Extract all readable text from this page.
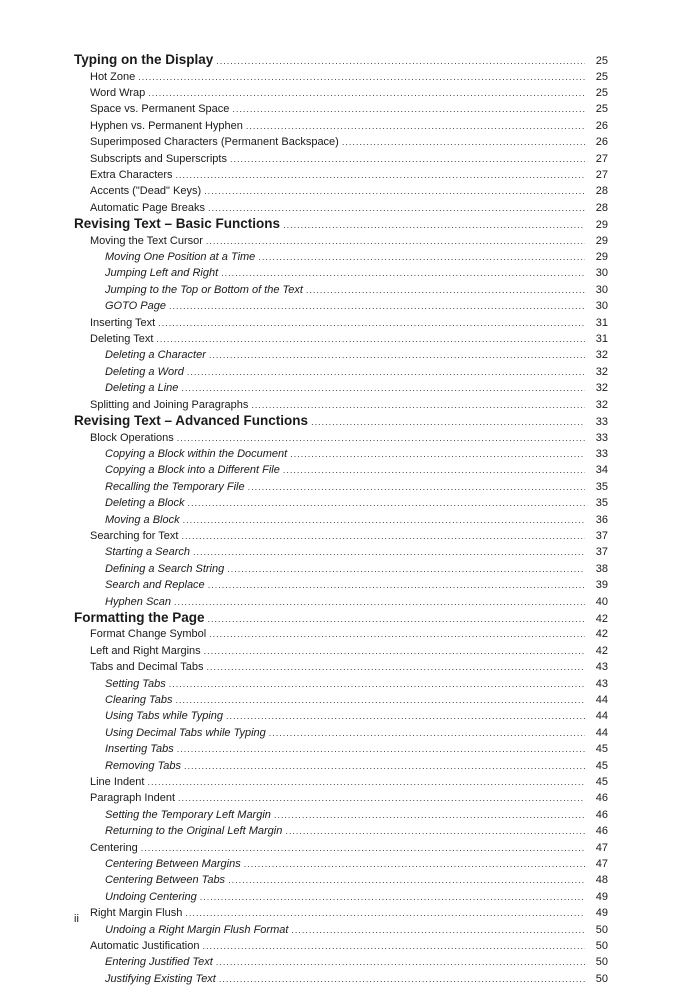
Typing on the Display .....	25
Hot Zone .....	25
Word Wrap .....	25
Space vs. Permanent Space .....	25
Hyphen vs. Permanent Hyphen .....	26
Superimposed Characters (Permanent Backspace) .....	26
Subscripts and Superscripts .....	27
Extra Characters .....	27
Accents ("Dead" Keys) .....	28
Automatic Page Breaks .....	28
Revising Text – Basic Functions .....	29
Moving the Text Cursor .....	29
Moving One Position at a Time .....	29
Jumping Left and Right .....	30
Jumping to the Top or Bottom of the Text .....	30
GOTO Page .....	30
Inserting Text .....	31
Deleting Text .....	31
Deleting a Character .....	32
Deleting a Word .....	32
Deleting a Line .....	32
Splitting and Joining Paragraphs .....	32
Revising Text – Advanced Functions .....	33
Block Operations .....	33
Copying a Block within the Document .....	33
Copying a Block into a Different File .....	34
Recalling the Temporary File .....	35
Deleting a Block .....	35
Moving a Block .....	36
Searching for Text .....	37
Starting a Search .....	37
Defining a Search String .....	38
Search and Replace .....	39
Hyphen Scan .....	40
Formatting the Page .....	42
Format Change Symbol .....	42
Left and Right Margins .....	42
Tabs and Decimal Tabs .....	43
Setting Tabs .....	43
Clearing Tabs .....	44
Using Tabs while Typing .....	44
Using Decimal Tabs while Typing .....	44
Inserting Tabs .....	45
Removing Tabs .....	45
Line Indent .....	45
Paragraph Indent .....	46
Setting the Temporary Left Margin .....	46
Returning to the Original Left Margin .....	46
Centering .....	47
Centering Between Margins .....	47
Centering Between Tabs .....	48
Undoing Centering .....	49
Right Margin Flush .....	49
Undoing a Right Margin Flush Format .....	50
Automatic Justification .....	50
Entering Justified Text .....	50
Justifying Existing Text .....	50
ii
